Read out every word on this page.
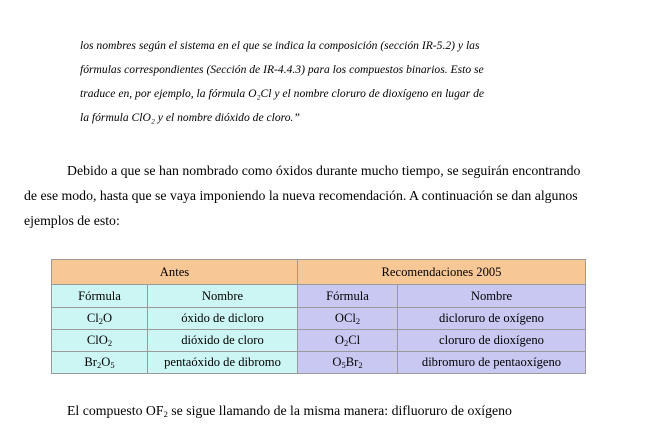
los nombres según el sistema en el que se indica la composición (sección IR-5.2) y las
fórmulas correspondientes (Sección de IR-4.4.3) para los compuestos binarios. Esto se
traduce en, por ejemplo, la fórmula O₂Cl y el nombre cloruro de dioxígeno en lugar de
la fórmula ClO₂ y el nombre dióxido de cloro.”
Debido a que se han nombrado como óxidos durante mucho tiempo, se seguirán encontrando
de ese modo, hasta que se vaya imponiendo la nueva recomendación. A continuación se dan algunos
ejemplos de esto:
Antes		Recomendaciones 2005	
Fórmula	Nombre	Fórmula	Nombre
$Cl_2O$	óxido de dicloro	OCl$_2$	dicloruro de oxígeno
ClO$_2$	dióxido de cloro	$O_2Cl$	cloruro de dioxígeno
$Br_2O_5$	pentaóxido de dibromo	$O_5Br_2$	dibromuro de pentaoxígeno
El compuesto $OF_2$ se sigue llamando de la misma manera: difluoruro de oxígeno
